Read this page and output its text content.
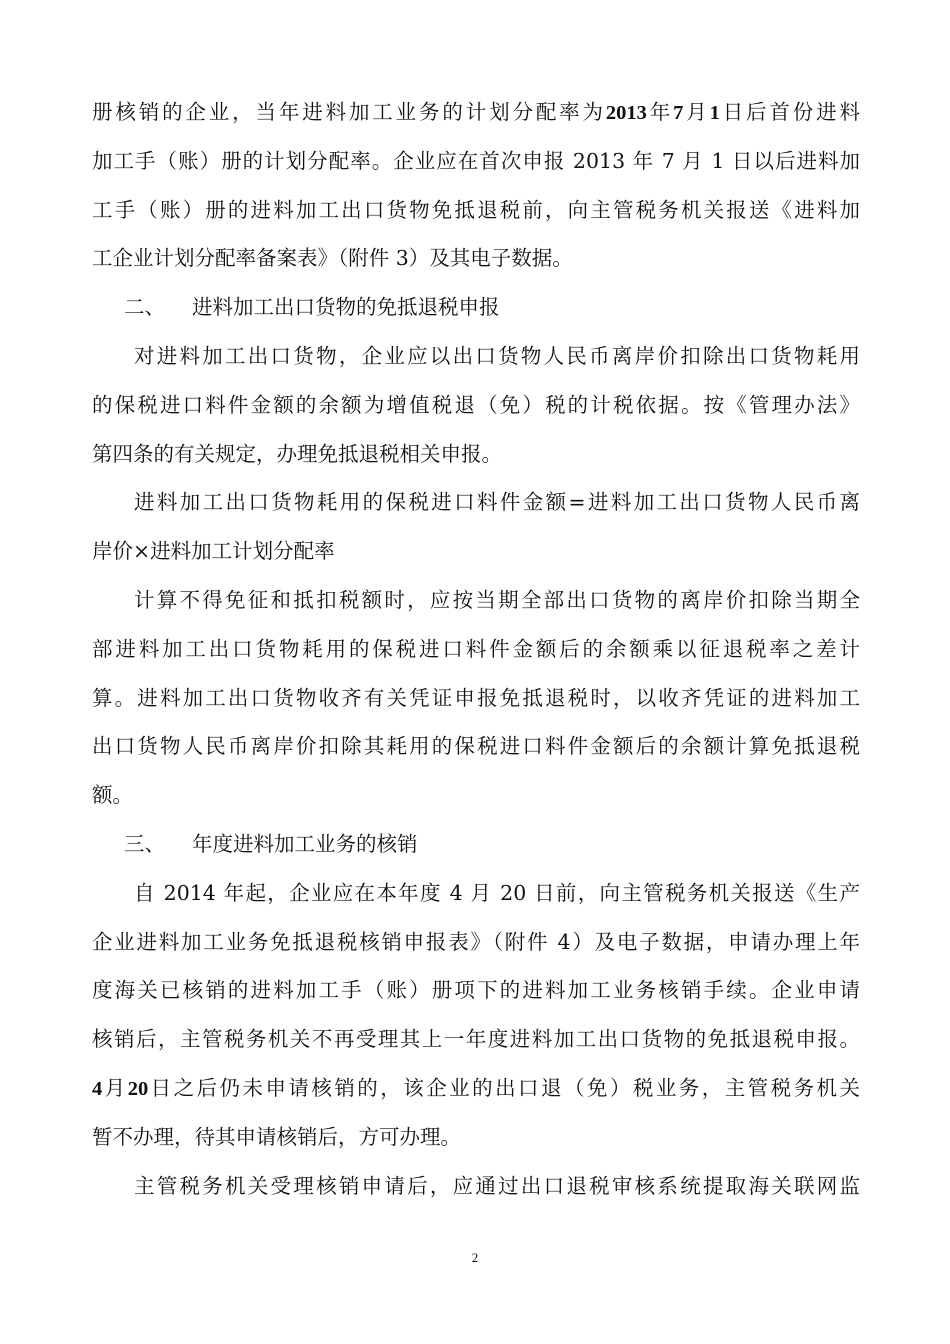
册核销的企业，当年进料加工业务的计划分配率为2013年7月1日后首份进料
加工手（账）册的计划分配率。企业应在首次申报 2013 年 7 月 1 日以后进料加
工手（账）册的进料加工出口货物免抵退税前，向主管税务机关报送《进料加
工企业计划分配率备案表》（附件 3）及其电子数据。
二、 进料加工出口货物的免抵退税申报
对进料加工出口货物，企业应以出口货物人民币离岸价扣除出口货物耗用
的保税进口料件金额的余额为增值税退（免）税的计税依据。按《管理办法》
第四条的有关规定，办理免抵退税相关申报。
进料加工出口货物耗用的保税进口料件金额=进料加工出口货物人民币离
岸价×进料加工计划分配率
计算不得免征和抵扣税额时，应按当期全部出口货物的离岸价扣除当期全
部进料加工出口货物耗用的保税进口料件金额后的余额乘以征退税率之差计
算。进料加工出口货物收齐有关凭证申报免抵退税时，以收齐凭证的进料加工
出口货物人民币离岸价扣除其耗用的保税进口料件金额后的余额计算免抵退税
额。
三、 年度进料加工业务的核销
自 2014 年起，企业应在本年度 4 月 20 日前，向主管税务机关报送《生产
企业进料加工业务免抵退税核销申报表》（附件 4）及电子数据，申请办理上年
度海关已核销的进料加工手（账）册项下的进料加工业务核销手续。企业申请
核销后，主管税务机关不再受理其上一年度进料加工出口货物的免抵退税申报。
4月20日之后仍未申请核销的，该企业的出口退（免）税业务，主管税务机关
暂不办理，待其申请核销后，方可办理。
主管税务机关受理核销申请后，应通过出口退税审核系统提取海关联网监
2
